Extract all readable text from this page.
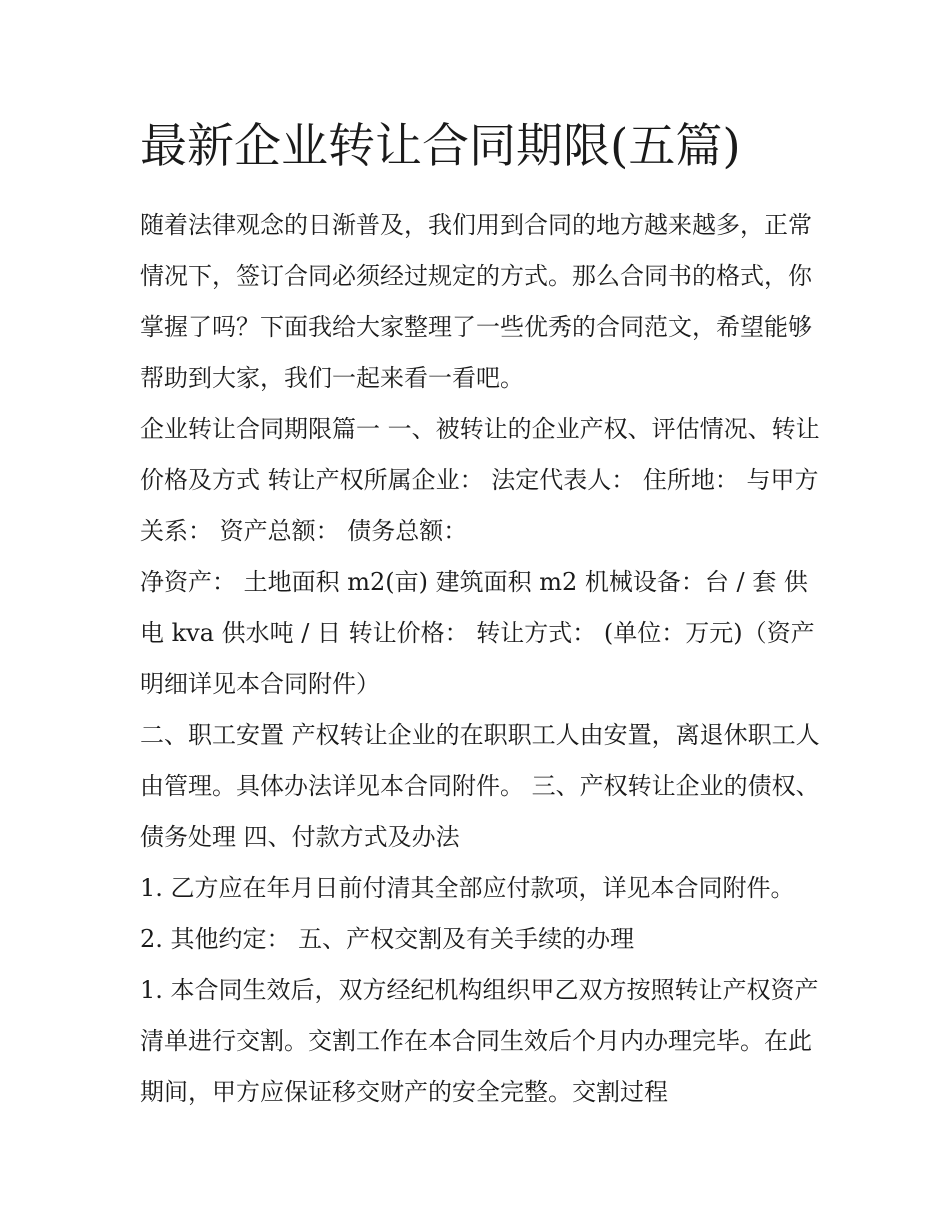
最新企业转让合同期限(五篇)

随着法律观念的日渐普及，我们用到合同的地方越来越多，正常情况下，签订合同必须经过规定的方式。那么合同书的格式，你掌握了吗？下面我给大家整理了一些优秀的合同范文，希望能够帮助到大家，我们一起来看一看吧。

企业转让合同期限篇一 一、被转让的企业产权、评估情况、转让价格及方式 转让产权所属企业： 法定代表人： 住所地： 与甲方关系： 资产总额： 债务总额：

净资产： 土地面积 m2(亩) 建筑面积 m2 机械设备：台 / 套 供电 kva 供水吨 / 日 转让价格： 转让方式： (单位：万元)（资产明细详见本合同附件）

二、职工安置 产权转让企业的在职职工人由安置，离退休职工人由管理。具体办法详见本合同附件。 三、产权转让企业的债权、债务处理 四、付款方式及办法

1. 乙方应在年月日前付清其全部应付款项，详见本合同附件。 2. 其他约定： 五、产权交割及有关手续的办理

1. 本合同生效后，双方经纪机构组织甲乙双方按照转让产权资产清单进行交割。交割工作在本合同生效后个月内办理完毕。在此期间，甲方应保证移交财产的安全完整。交割过程
